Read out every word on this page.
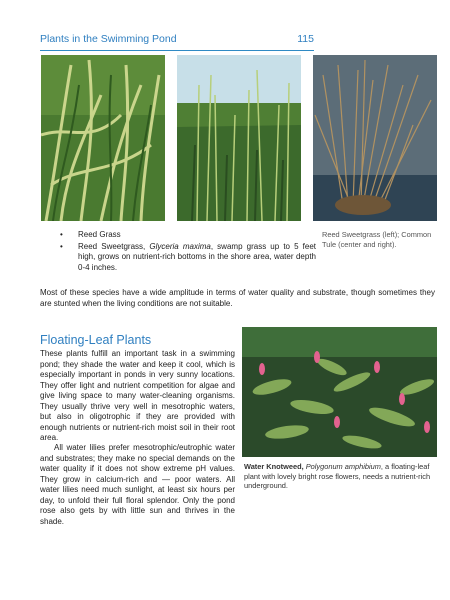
Plants in the Swimming Pond	115
• Reed Grass
• Reed Sweetgrass, Glyceria maxima, swamp grass up to 5 feet high, grows on nutrient-rich bottoms in the shore area, water depth 0-4 inches.
Reed Sweetgrass (left); Common Tule (center and right).

Most of these species have a wide amplitude in terms of water quality and substrate, though sometimes they are stunted when the living conditions are not suitable.

Floating-Leaf Plants

These plants fulfill an important task in a swimming pond; they shade the water and keep it cool, which is especially important in ponds in very sunny locations. They offer light and nutrient competition for algae and give living space to many water-cleaning organisms. They usually thrive very well in mesotrophic waters, but also in oligotrophic if they are provided with enough nutrients or nutrient-rich moist soil in their root area.

All water lilies prefer mesotrophic/eutrophic water and substrates; they make no special demands on the water quality if it does not show extreme pH values. They grow in calcium-rich and — poor waters. All water lilies need much sunlight, at least six hours per day, to unfold their full floral splendor. Only the pond rose also gets by with little sun and thrives in the shade.

Water Knotweed, Polygonum amphibium, a floating-leaf plant with lovely bright rose flowers, needs a nutrient-rich underground.
